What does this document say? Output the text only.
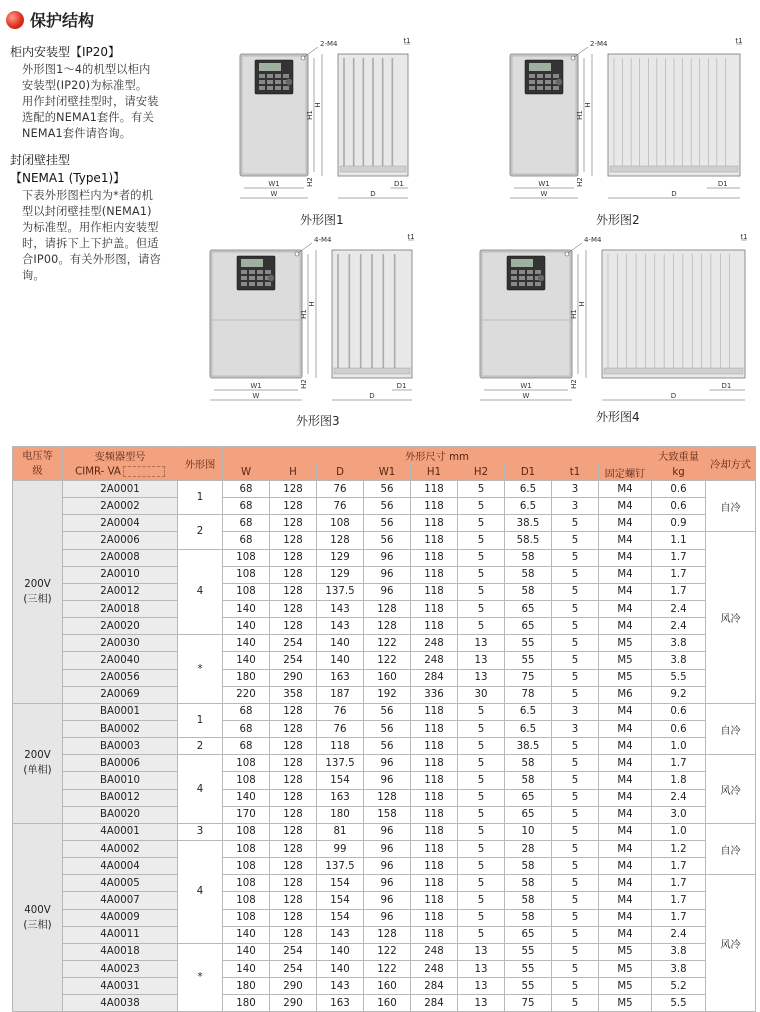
保护结构
柜内安装型【IP20】
外形图1～4的机型以柜内
安装型(IP20)为标准型。
用作封闭壁挂型时，请安装
选配的NEMA1套件。有关
NEMA1套件请咨询。
封闭壁挂型
【NEMA1 (Type1)】
下表外形图栏内为*者的机
型以封闭壁挂型(NEMA1)
为标准型。用作柜内安装型
时，请拆下上下护盖。但适
合IP00。有关外形图，请咨
询。
W1
W
H1
H
H2
2-M4
D
D1
t1
外形图1
W1
W
H1
H
H2
2-M4
D
D1
t1
外形图2
W1
W
H1
H
H2
4-M4
D
D1
t1
外形图3
W1
W
H1
H
H2
4-M4
D
D1
t1
外形图4
电压等级	变频器型号	外形图	外形尺寸 mm									大致重量	冷却方式
	CIMR- VA		W	H	D	W1	H1	H2	D1	t1	固定螺钉	kg	

200V
(三相)	2A0001	1	68	128	76	56	118	5	6.5	3	M4	0.6	自冷
	2A0002		68	128	76	56	118	5	6.5	3	M4	0.6	
	2A0004	2	68	128	108	56	118	5	38.5	5	M4	0.9	
	2A0006		68	128	128	56	118	5	58.5	5	M4	1.1	风冷
	2A0008	4	108	128	129	96	118	5	58	5	M4	1.7	
	2A0010		108	128	129	96	118	5	58	5	M4	1.7	
	2A0012		108	128	137.5	96	118	5	58	5	M4	1.7	
	2A0018		140	128	143	128	118	5	65	5	M4	2.4	
	2A0020		140	128	143	128	118	5	65	5	M4	2.4	
	2A0030	*	140	254	140	122	248	13	55	5	M5	3.8	
	2A0040		140	254	140	122	248	13	55	5	M5	3.8	
	2A0056		180	290	163	160	284	13	75	5	M5	5.5	
	2A0069		220	358	187	192	336	30	78	5	M6	9.2	

200V
(单相)	BA0001	1	68	128	76	56	118	5	6.5	3	M4	0.6	自冷
	BA0002		68	128	76	56	118	5	6.5	3	M4	0.6	
	BA0003	2	68	128	118	56	118	5	38.5	5	M4	1.0	
	BA0006	4	108	128	137.5	96	118	5	58	5	M4	1.7	风冷
	BA0010		108	128	154	96	118	5	58	5	M4	1.8	
	BA0012		140	128	163	128	118	5	65	5	M4	2.4	
	BA0020		170	128	180	158	118	5	65	5	M4	3.0	

400V
(三相)	4A0001	3	108	128	81	96	118	5	10	5	M4	1.0	自冷
	4A0002	4	108	128	99	96	118	5	28	5	M4	1.2	
	4A0004		108	128	137.5	96	118	5	58	5	M4	1.7	
	4A0005		108	128	154	96	118	5	58	5	M4	1.7	风冷
	4A0007		108	128	154	96	118	5	58	5	M4	1.7	
	4A0009		108	128	154	96	118	5	58	5	M4	1.7	
	4A0011		140	128	143	128	118	5	65	5	M4	2.4	
	4A0018	*	140	254	140	122	248	13	55	5	M5	3.8	
	4A0023		140	254	140	122	248	13	55	5	M5	3.8	
	4A0031		180	290	143	160	284	13	55	5	M5	5.2	
	4A0038		180	290	163	160	284	13	75	5	M5	5.5	
